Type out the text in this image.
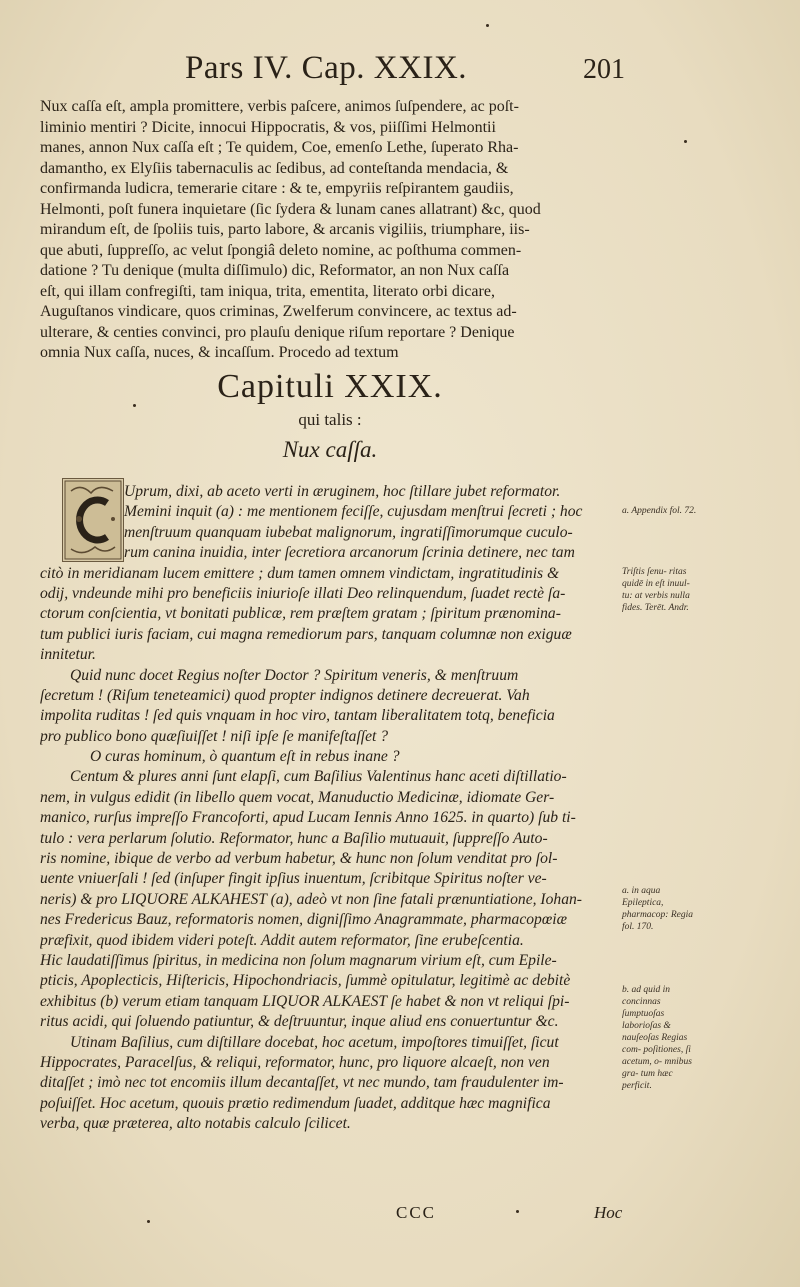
Pars IV. Cap. XXIX.	201
Nux caſſa eſt, ampla promittere, verbis paſcere, animos ſuſpendere, ac poſt-
liminio mentiri ? Dicite, innocui Hippocratis, & vos, piiſſimi Helmontii
manes, annon Nux caſſa eſt ; Te quidem, Coe, emenſo Lethe, ſuperato Rha-
damantho, ex Elyſiis tabernaculis ac ſedibus, ad conteſtanda mendacia, &
confirmanda ludicra, temerarie citare : & te, empyriis reſpirantem gaudiis,
Helmonti, poſt funera inquietare (ſic ſydera & lunam canes allatrant) &c, quod
mirandum eſt, de ſpoliis tuis, parto labore, & arcanis vigiliis, triumphare, iis-
que abuti, ſuppreſſo, ac velut ſpongiâ deleto nomine, ac poſthuma commen-
datione ? Tu denique (multa diſſimulo) dic, Reformator, an non Nux caſſa
eſt, qui illam confregiſti, tam iniqua, trita, ementita, literato orbi dicare,
Auguſtanos vindicare, quos criminas, Zwelferum convincere, ac textus ad-
ulterare, & centies convinci, pro plauſu denique riſum reportare ? Denique
omnia Nux caſſa, nuces, & incaſſum. Procedo ad textum
Capituli XXIX.
qui talis :
Nux caſſa.
Uprum, dixi, ab aceto verti in æruginem, hoc ſtillare jubet reformator.
Memini inquit (a) : me mentionem feciſſe, cujusdam menſtrui ſecreti ; hoc
menſtruum quanquam iubebat malignorum, ingratiſſimorumque cuculo-
rum canina inuidia, inter ſecretiora arcanorum ſcrinia detinere, nec tam
citò in meridianam lucem emittere ; dum tamen omnem vindictam, ingratitudinis &
odij, vndeunde mihi pro beneficiis iniurioſe illati Deo relinquendum, ſuadet rectè ſa-
ctorum conſcientia, vt bonitati publicæ, rem præſtem gratam ; ſpiritum prænomina-
tum publici iuris faciam, cui magna remediorum pars, tanquam columnæ non exiguæ
innitetur.
Quid nunc docet Regius noſter Doctor ? Spiritum veneris, & menſtruum
ſecretum ! (Riſum teneteamici) quod propter indignos detinere decreuerat. Vah
impolita ruditas ! ſed quis vnquam in hoc viro, tantam liberalitatem totq, beneficia
pro publico bono quæſiuiſſet ! niſi ipſe ſe manifeſtaſſet ?
O curas hominum, ò quantum eſt in rebus inane ?
Centum & plures anni ſunt elapſi, cum Baſilius Valentinus hanc aceti diſtillatio-
nem, in vulgus edidit (in libello quem vocat, Manuductio Medicinæ, idiomate Ger-
manico, rurſus impreſſo Francoforti, apud Lucam Iennis Anno 1625. in quarto) ſub ti-
tulo : vera perlarum ſolutio. Reformator, hunc a Baſilio mutuauit, ſuppreſſo Auto-
ris nomine, ibique de verbo ad verbum habetur, & hunc non ſolum venditat pro ſol-
uente vniuerſali ! ſed (inſuper fingit ipſius inuentum, ſcribitque Spiritus noſter ve-
neris) & pro LIQUORE ALKAHEST (a), adeò vt non ſine fatali prænuntiatione, Iohan-
nes Fredericus Bauz, reformatoris nomen, digniſſimo Anagrammate, pharmacopœiæ
præfixit, quod ibidem videri poteſt. Addit autem reformator, ſine erubeſcentia.
Hic laudatiſſimus ſpiritus, in medicina non ſolum magnarum virium eſt, cum Epile-
pticis, Apoplecticis, Hiſtericis, Hipochondriacis, ſummè opitulatur, legitimè ac debitè
exhibitus (b) verum etiam tanquam LIQUOR ALKAEST ſe habet & non vt reliqui ſpi-
ritus acidi, qui ſoluendo patiuntur, & deſtruuntur, inque aliud ens conuertuntur &c.
Utinam Baſilius, cum diſtillare docebat, hoc acetum, impoſtores timuiſſet, ſicut
Hippocrates, Paracelſus, & reliqui, reformator, hunc, pro liquore alcaeſt, non ven
ditaſſet ; imò nec tot encomiis illum decantaſſet, vt nec mundo, tam fraudulenter im-
poſuiſſet. Hoc acetum, quouis prætio redimendum ſuadet, additque hæc magnifica
verba, quæ præterea, alto notabis calculo ſcilicet.
a. Appendix fol. 72.
Triſtis ſenu- ritas quidē in eſt inuul- tu: at verbis nulla fides. Terēt. Andr.
a. in aqua Epileptica, pharmacop: Regia fol. 170.
b. ad quid in concinnas ſumptuoſas laborioſas & nauſeoſas Regias com- poſitiones, ſi acetum, o- mnibus gra- tum hæc perficit.
CCC	Hoc
